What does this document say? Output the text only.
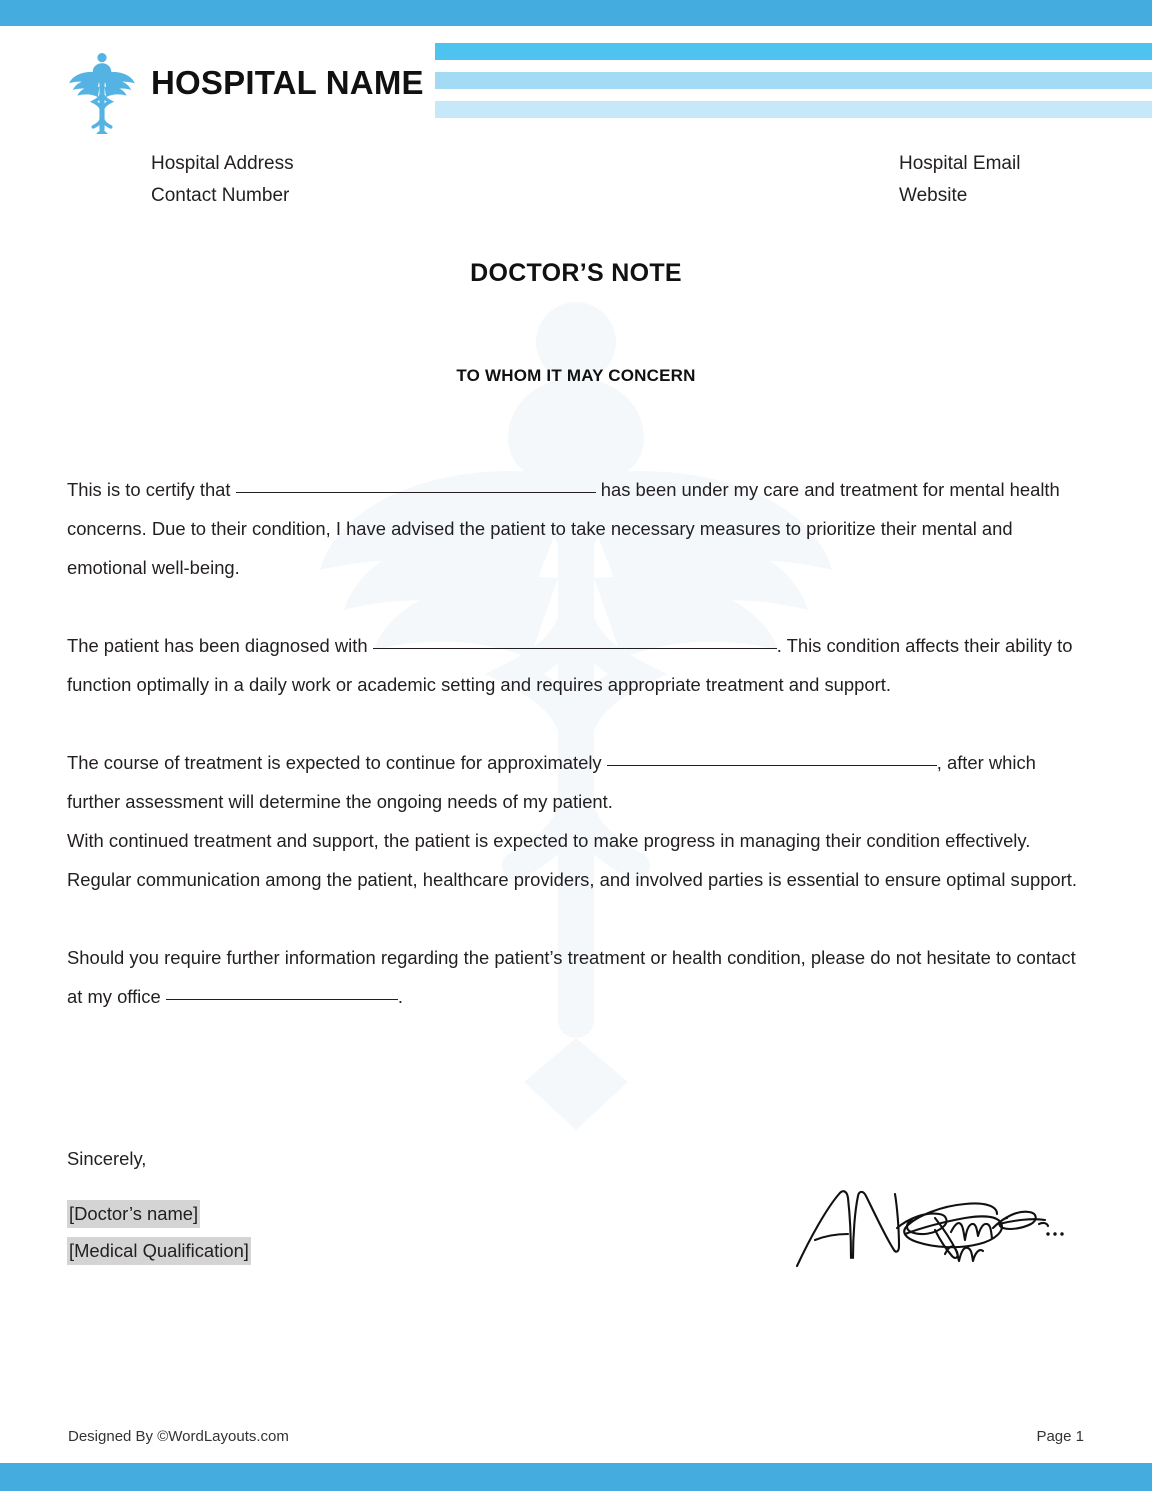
HOSPITAL NAME
Hospital Address
Contact Number
Hospital Email
Website
DOCTOR’S NOTE
TO WHOM IT MAY CONCERN

This is to certify that	has been under my care and treatment for mental health concerns. Due to their condition, I have advised the patient to take necessary measures to prioritize their mental and emotional well-being.

The patient has been diagnosed with	. This condition affects their ability to function optimally in a daily work or academic setting and requires appropriate treatment and support.

The course of treatment is expected to continue for approximately	, after which further assessment will determine the ongoing needs of my patient.

With continued treatment and support, the patient is expected to make progress in managing their condition effectively. Regular communication among the patient, healthcare providers, and involved parties is essential to ensure optimal support.

Should you require further information regarding the patient’s treatment or health condition, please do not hesitate to contact at my office	.

Sincerely,
[Doctor’s name]
[Medical Qualification]
Designed By ©WordLayouts.com	Page 1
